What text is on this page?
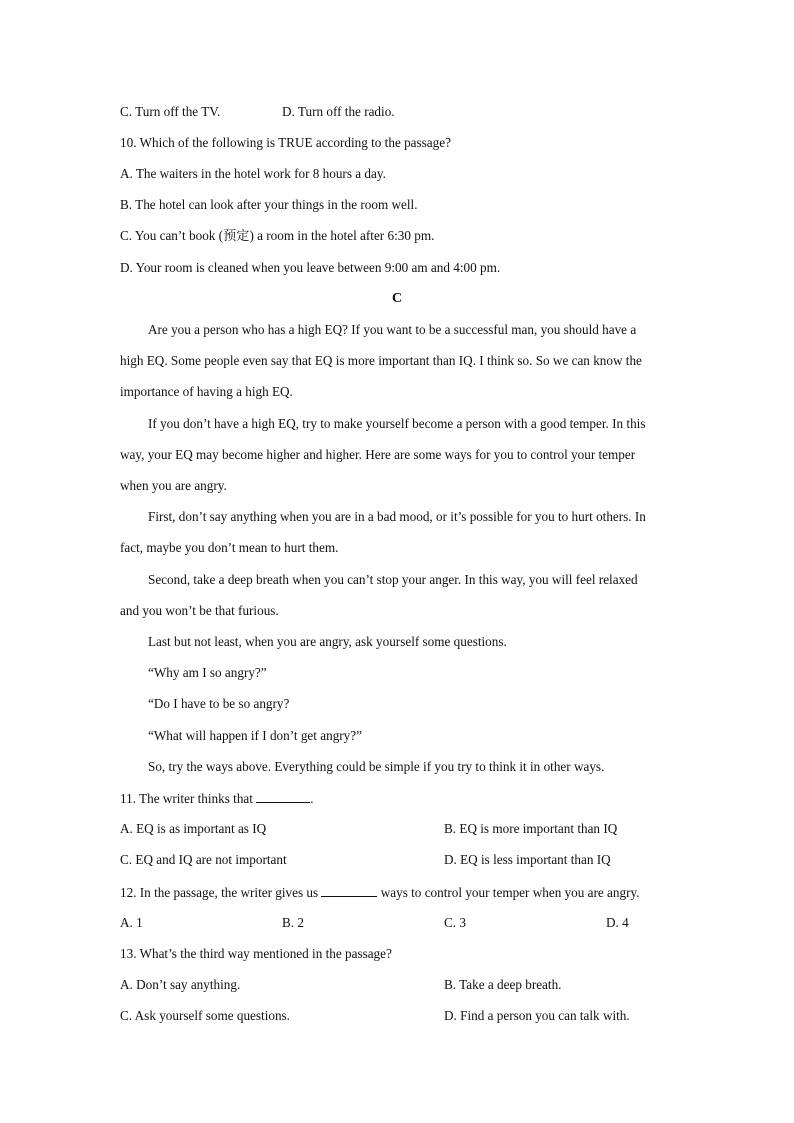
C. Turn off the TV.	D. Turn off the radio.
10. Which of the following is TRUE according to the passage?
A. The waiters in the hotel work for 8 hours a day.
B. The hotel can look after your things in the room well.
C. You can’t book (预定) a room in the hotel after 6:30 pm.
D. Your room is cleaned when you leave between 9:00 am and 4:00 pm.
C
Are you a person who has a high EQ? If you want to be a successful man, you should have a
high EQ. Some people even say that EQ is more important than IQ. I think so. So we can know the
importance of having a high EQ.
If you don’t have a high EQ, try to make yourself become a person with a good temper. In this
way, your EQ may become higher and higher. Here are some ways for you to control your temper
when you are angry.
First, don’t say anything when you are in a bad mood, or it’s possible for you to hurt others. In
fact, maybe you don’t mean to hurt them.
Second, take a deep breath when you can’t stop your anger. In this way, you will feel relaxed
and you won’t be that furious.
Last but not least, when you are angry, ask yourself some questions.
“Why am I so angry?”
“Do I have to be so angry?
“What will happen if I don’t get angry?”
So, try the ways above. Everything could be simple if you try to think it in other ways.
11. The writer thinks that	.
A. EQ is as important as IQ	B. EQ is more important than IQ
C. EQ and IQ are not important	D. EQ is less important than IQ
12. In the passage, the writer gives us	ways to control your temper when you are angry.
A. 1	B. 2	C. 3	D. 4
13. What’s the third way mentioned in the passage?
A. Don’t say anything.	B. Take a deep breath.
C. Ask yourself some questions.	D. Find a person you can talk with.
